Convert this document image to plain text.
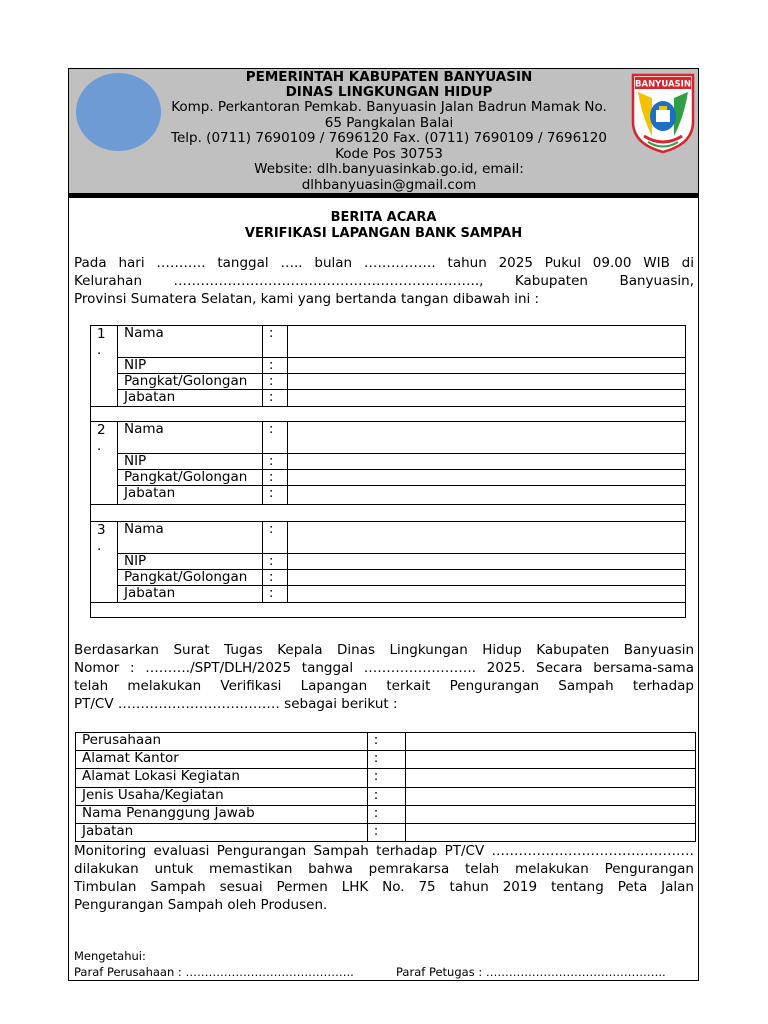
PEMERINTAH KABUPATEN BANYUASIN
DINAS LINGKUNGAN HIDUP
Komp. Perkantoran Pemkab. Banyuasin Jalan Badrun Mamak No.
65 Pangkalan Balai
Telp. (0711) 7690109 / 7696120 Fax. (0711) 7690109 / 7696120
Kode Pos 30753
Website: dlh.banyuasinkab.go.id, email:
dlhbanyuasin@gmail.com
BANYUASIN
BERITA ACARA
VERIFIKASI LAPANGAN BANK SAMPAH
Pada hari ……….. tanggal ….. bulan ……………. tahun 2025 Pukul 09.00 WIB di
Kelurahan ………………………………………………………….., Kabupaten Banyuasin,
Provinsi Sumatera Selatan, kami yang bertanda tangan dibawah ini :
1
.	Nama	:	
	NIP	:	
	Pangkat/Golongan	:	
	Jabatan	:	

2
.	Nama	:	
	NIP	:	
	Pangkat/Golongan	:	
	Jabatan	:	

3
.	Nama	:	
	NIP	:	
	Pangkat/Golongan	:	
	Jabatan	:	

Berdasarkan Surat Tugas Kepala Dinas Lingkungan Hidup Kabupaten Banyuasin
Nomor : ………./SPT/DLH/2025 tanggal ……………………. 2025. Secara bersama-sama
telah melakukan Verifikasi Lapangan terkait Pengurangan Sampah terhadap
PT/CV ……………………………… sebagai berikut :
Perusahaan	:	
Alamat Kantor	:	
Alamat Lokasi Kegiatan	:	
Jenis Usaha/Kegiatan	:	
Nama Penanggung Jawab	:	
Jabatan	:	
Monitoring evaluasi Pengurangan Sampah terhadap PT/CV ………………………………………
dilakukan untuk memastikan bahwa pemrakarsa telah melakukan Pengurangan
Timbulan Sampah sesuai Permen LHK No. 75 tahun 2019 tentang Peta Jalan
Pengurangan Sampah oleh Produsen.
Mengetahui:
Paraf Perusahaan : ……………………………………..	Paraf Petugas : ………………………………………..
